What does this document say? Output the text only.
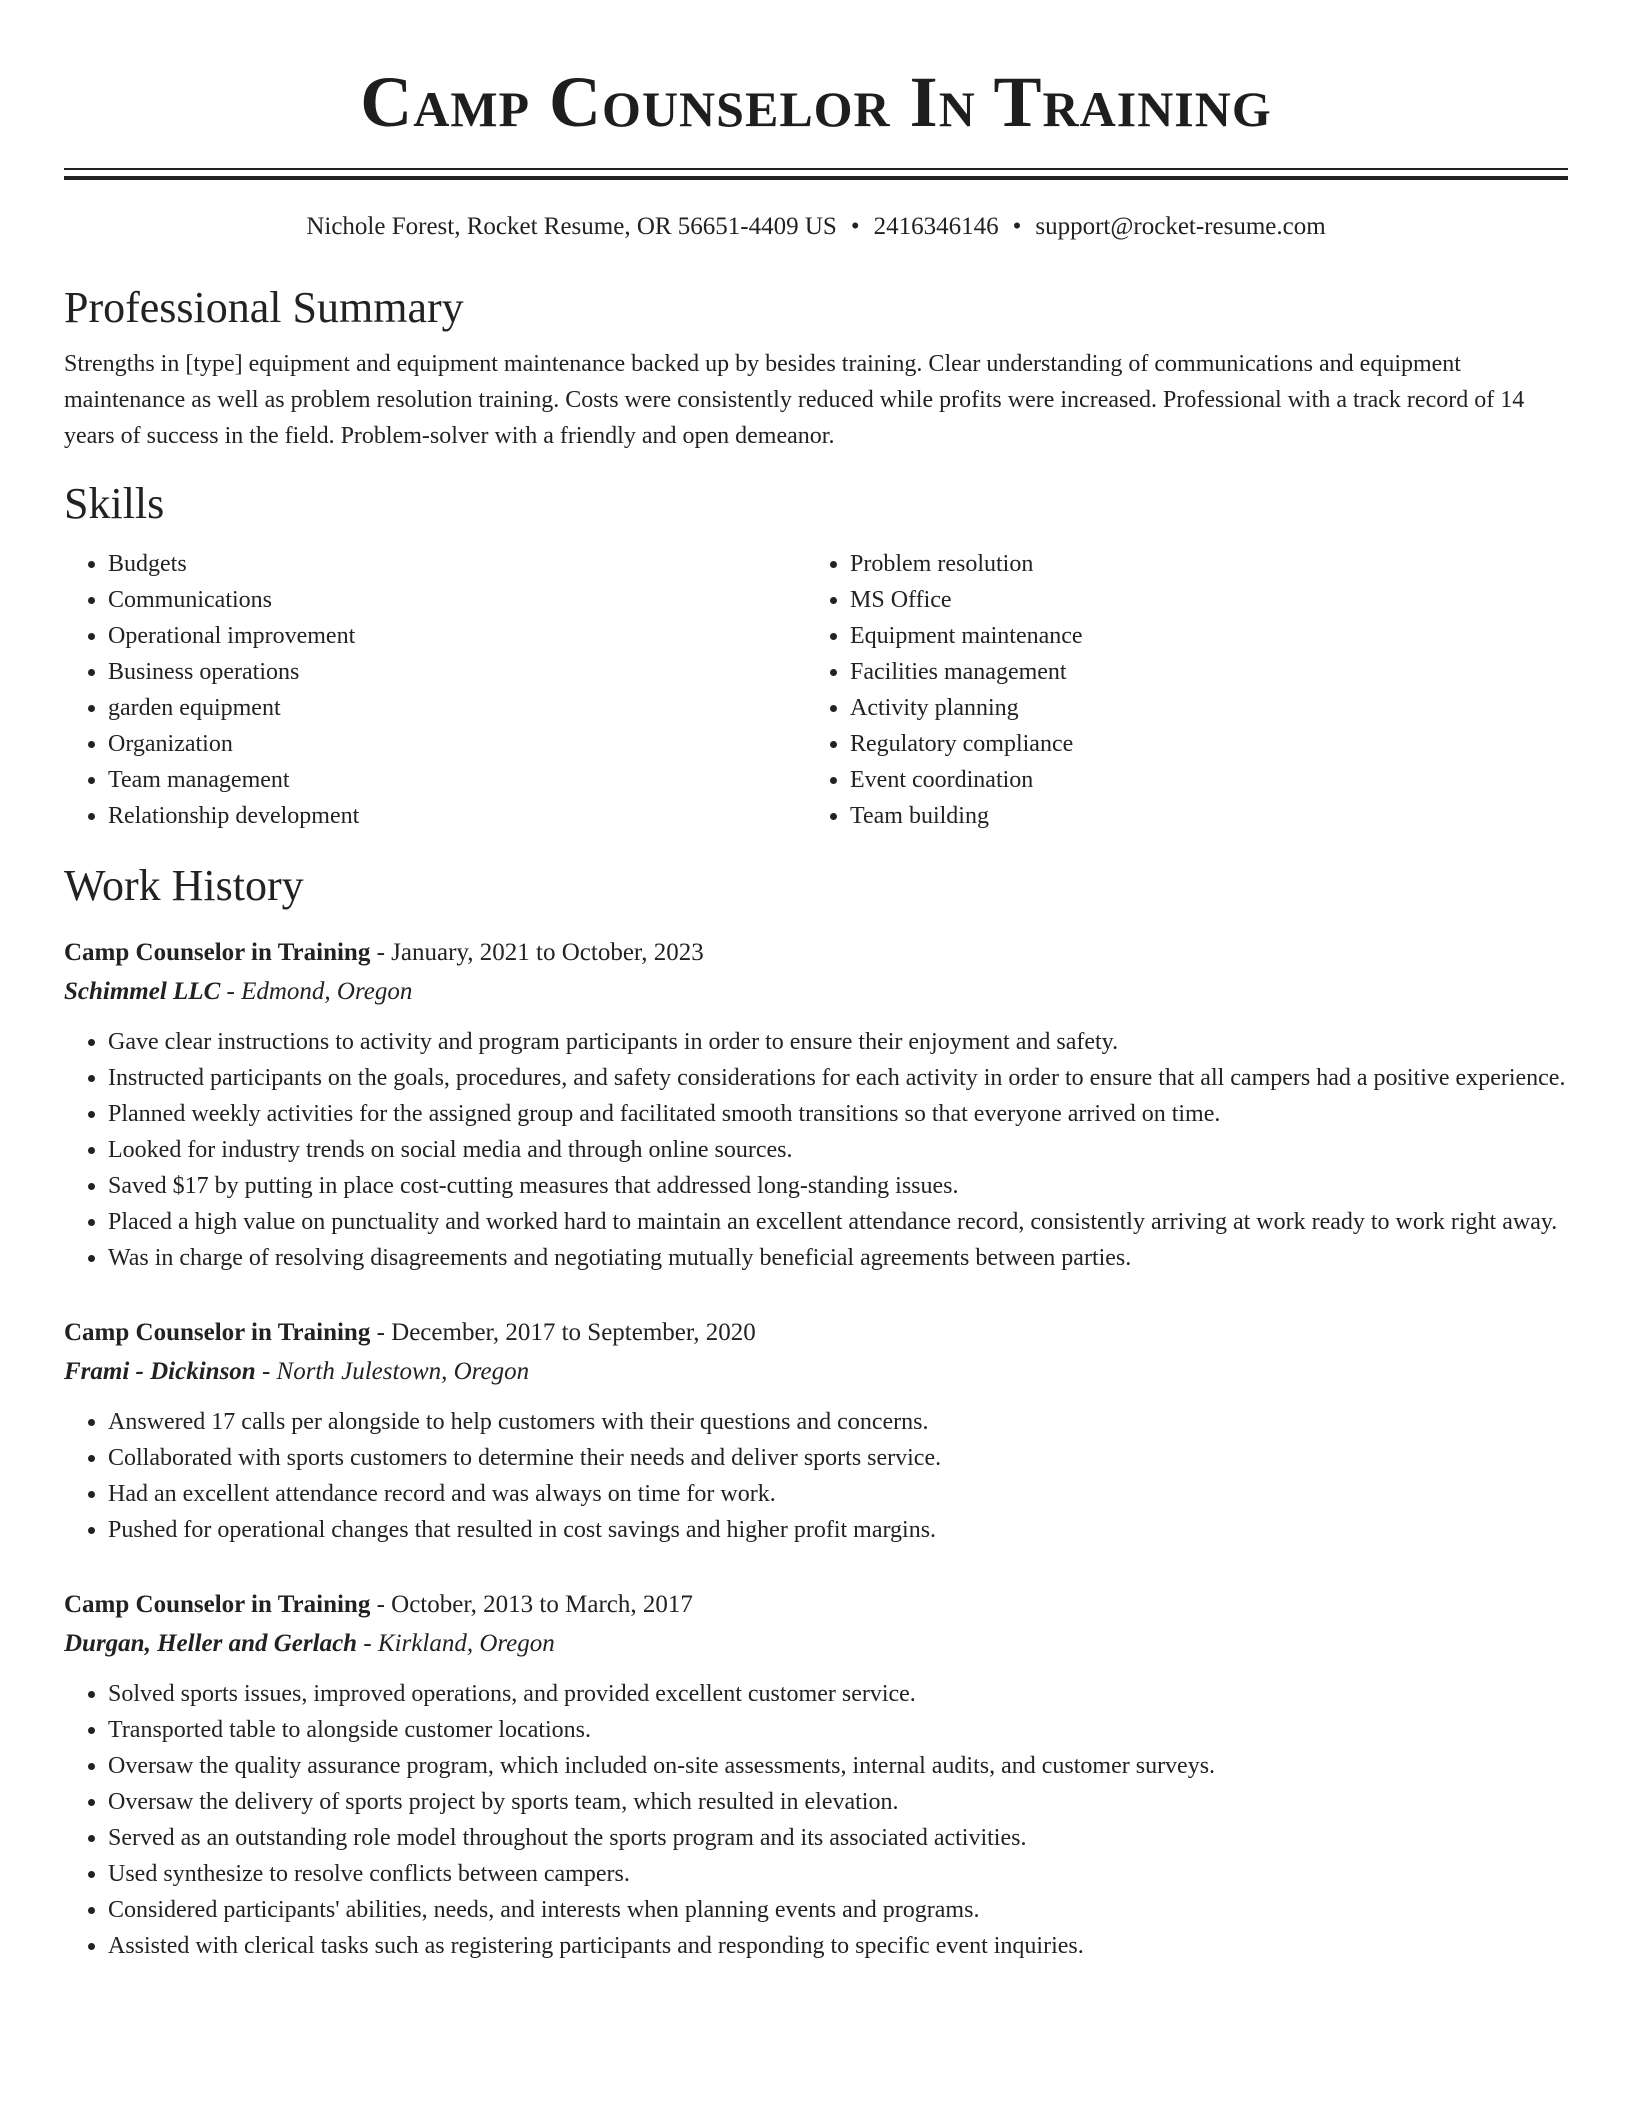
Camp Counselor In Training
Nichole Forest, Rocket Resume, OR 56651-4409 US • 2416346146 • support@rocket-resume.com
Professional Summary

Strengths in [type] equipment and equipment maintenance backed up by besides training. Clear understanding of communications and equipment maintenance as well as problem resolution training. Costs were consistently reduced while profits were increased. Professional with a track record of 14 years of success in the field. Problem-solver with a friendly and open demeanor.

Skills
• Budgets
• Communications
• Operational improvement
• Business operations
• garden equipment
• Organization
• Team management
• Relationship development
• Problem resolution
• MS Office
• Equipment maintenance
• Facilities management
• Activity planning
• Regulatory compliance
• Event coordination
• Team building
Work History
Camp Counselor in Training - January, 2021 to October, 2023
Schimmel LLC - Edmond, Oregon
• Gave clear instructions to activity and program participants in order to ensure their enjoyment and safety.
• Instructed participants on the goals, procedures, and safety considerations for each activity in order to ensure that all campers had a positive experience.
• Planned weekly activities for the assigned group and facilitated smooth transitions so that everyone arrived on time.
• Looked for industry trends on social media and through online sources.
• Saved $17 by putting in place cost-cutting measures that addressed long-standing issues.
• Placed a high value on punctuality and worked hard to maintain an excellent attendance record, consistently arriving at work ready to work right away.
• Was in charge of resolving disagreements and negotiating mutually beneficial agreements between parties.
Camp Counselor in Training - December, 2017 to September, 2020
Frami - Dickinson - North Julestown, Oregon
• Answered 17 calls per alongside to help customers with their questions and concerns.
• Collaborated with sports customers to determine their needs and deliver sports service.
• Had an excellent attendance record and was always on time for work.
• Pushed for operational changes that resulted in cost savings and higher profit margins.
Camp Counselor in Training - October, 2013 to March, 2017
Durgan, Heller and Gerlach - Kirkland, Oregon
• Solved sports issues, improved operations, and provided excellent customer service.
• Transported table to alongside customer locations.
• Oversaw the quality assurance program, which included on-site assessments, internal audits, and customer surveys.
• Oversaw the delivery of sports project by sports team, which resulted in elevation.
• Served as an outstanding role model throughout the sports program and its associated activities.
• Used synthesize to resolve conflicts between campers.
• Considered participants' abilities, needs, and interests when planning events and programs.
• Assisted with clerical tasks such as registering participants and responding to specific event inquiries.
